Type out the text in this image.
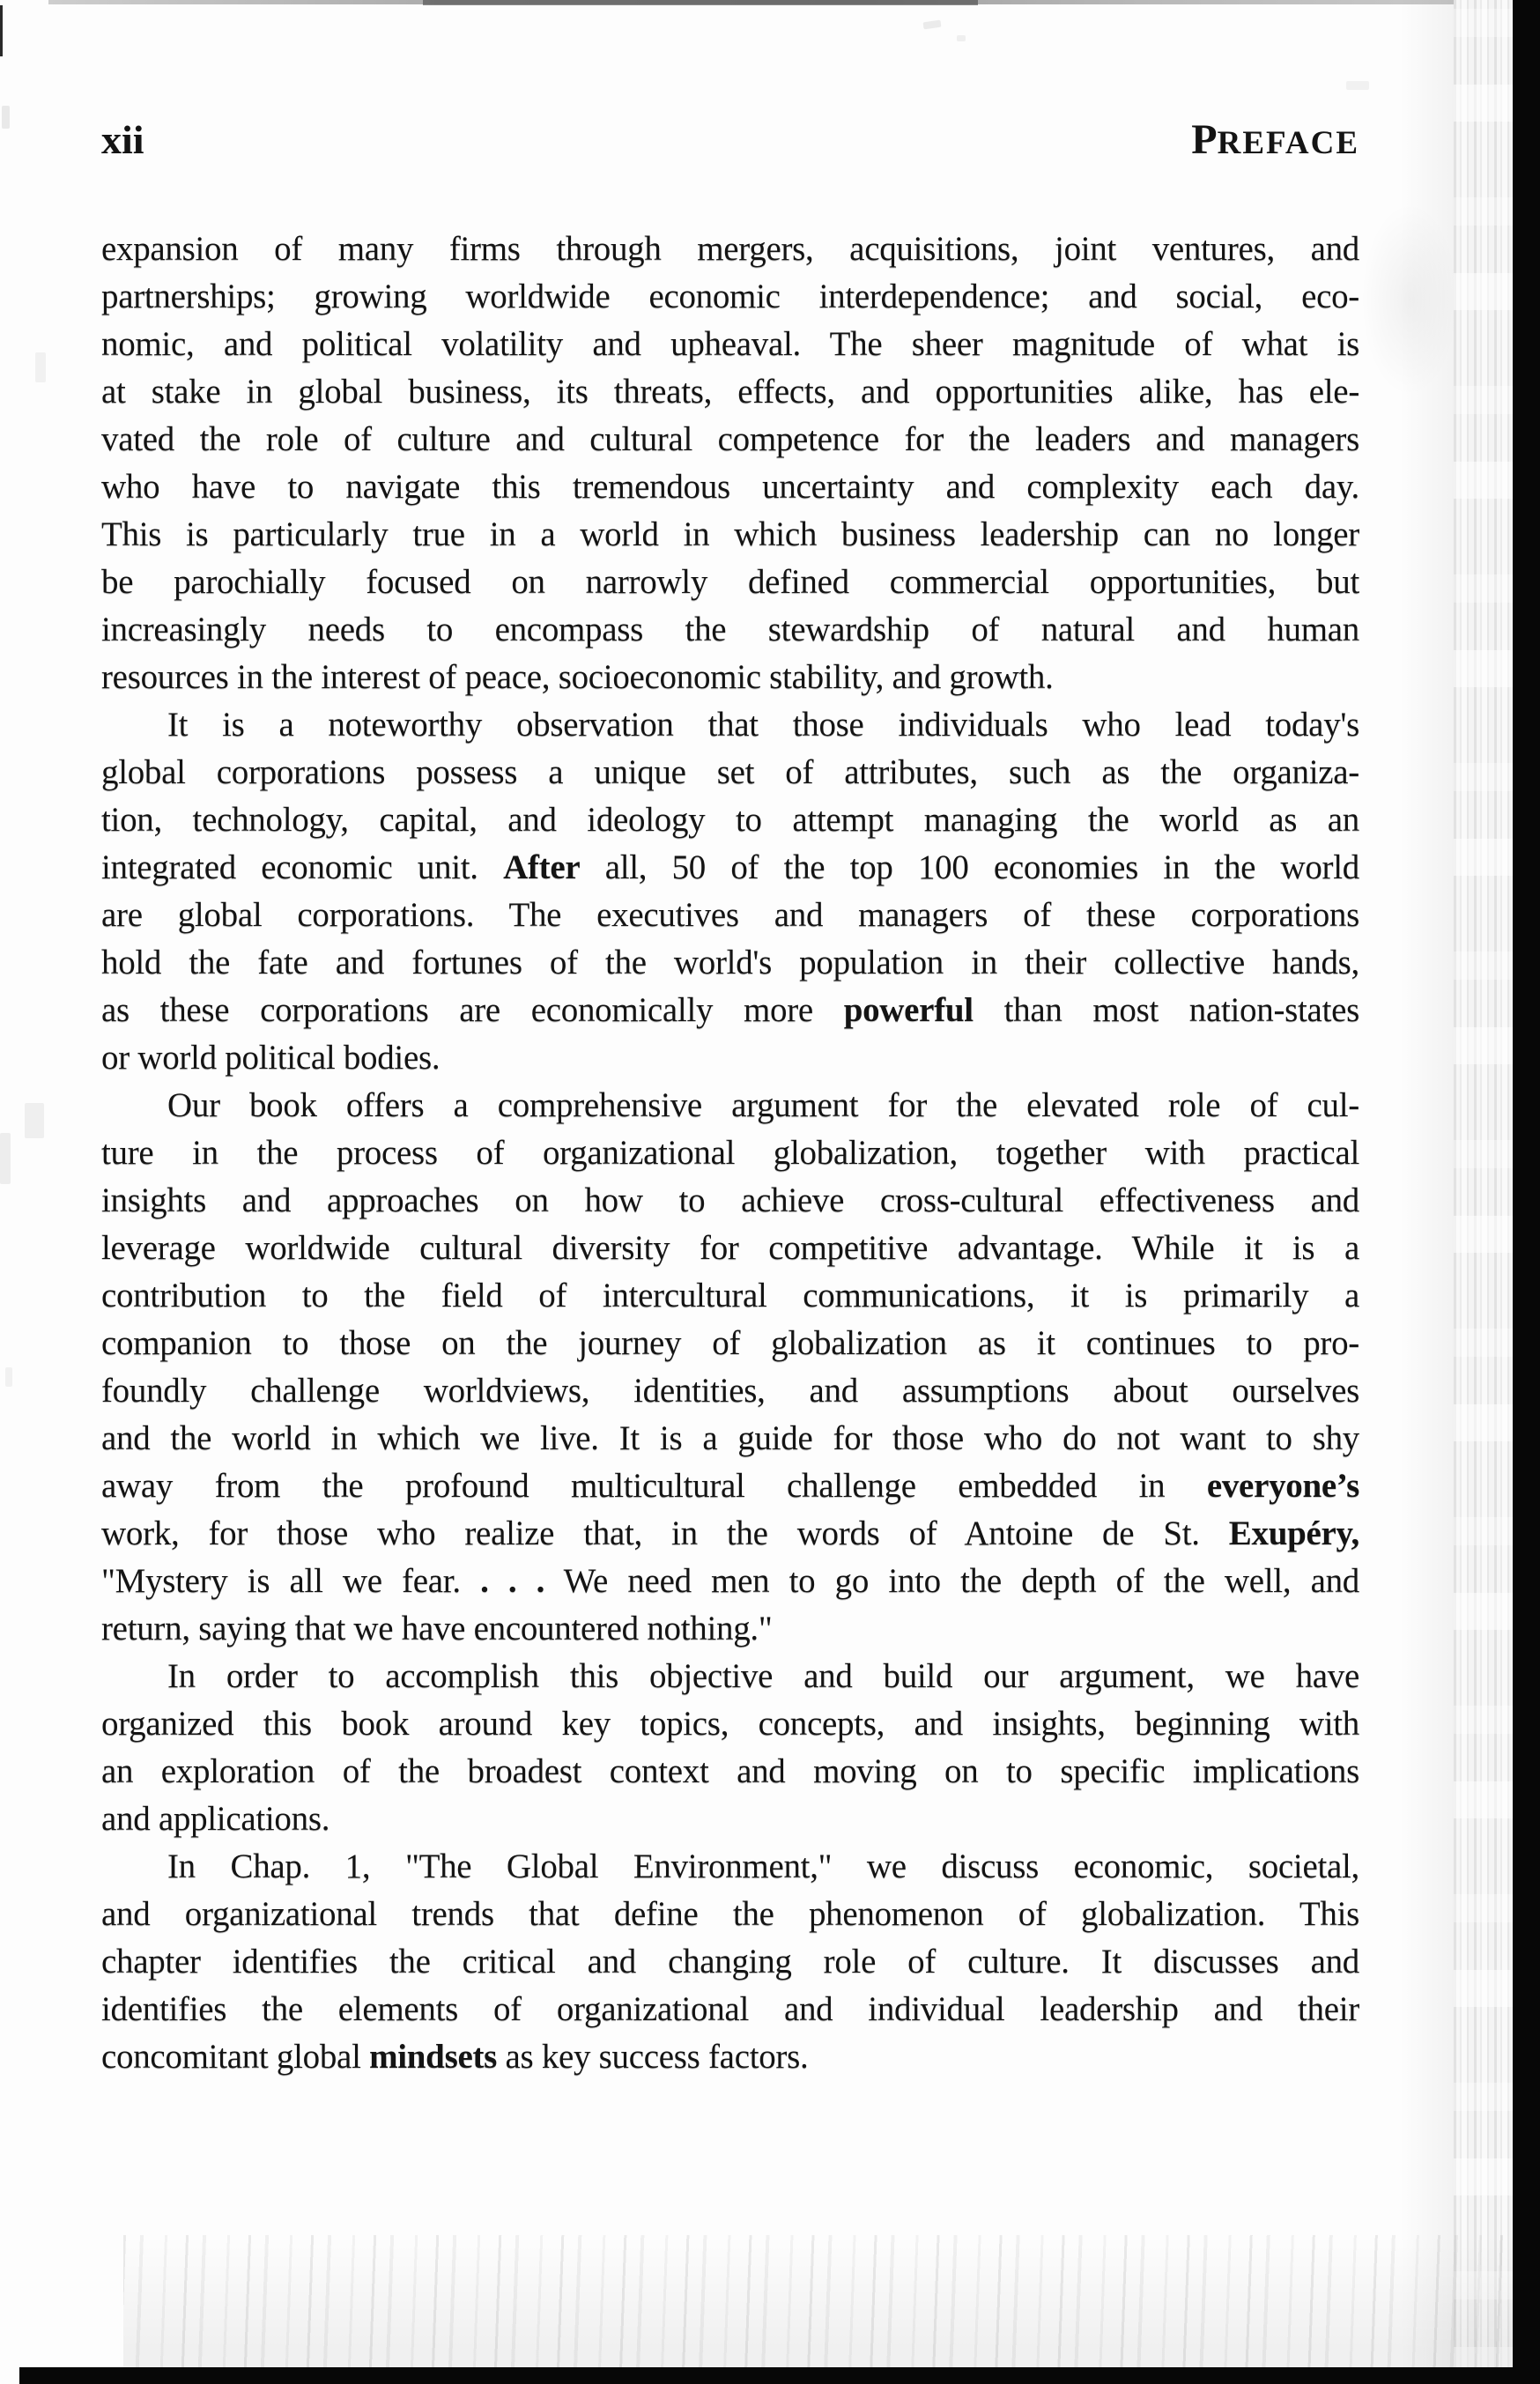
xii	PREFACE
expansion of many firms through mergers, acquisitions, joint ventures, and
partnerships; growing worldwide economic interdependence; and social, eco-
nomic, and political volatility and upheaval. The sheer magnitude of what is
at stake in global business, its threats, effects, and opportunities alike, has ele-
vated the role of culture and cultural competence for the leaders and managers
who have to navigate this tremendous uncertainty and complexity each day.
This is particularly true in a world in which business leadership can no longer
be parochially focused on narrowly defined commercial opportunities, but
increasingly needs to encompass the stewardship of natural and human
resources in the interest of peace, socioeconomic stability, and growth.
It is a noteworthy observation that those individuals who lead today's
global corporations possess a unique set of attributes, such as the organiza-
tion, technology, capital, and ideology to attempt managing the world as an
integrated economic unit. After all, 50 of the top 100 economies in the world
are global corporations. The executives and managers of these corporations
hold the fate and fortunes of the world's population in their collective hands,
as these corporations are economically more powerful than most nation-states
or world political bodies.
Our book offers a comprehensive argument for the elevated role of cul-
ture in the process of organizational globalization, together with practical
insights and approaches on how to achieve cross-cultural effectiveness and
leverage worldwide cultural diversity for competitive advantage. While it is a
contribution to the field of intercultural communications, it is primarily a
companion to those on the journey of globalization as it continues to pro-
foundly challenge worldviews, identities, and assumptions about ourselves
and the world in which we live. It is a guide for those who do not want to shy
away from the profound multicultural challenge embedded in everyone’s
work, for those who realize that, in the words of Antoine de St. Exupéry,
"Mystery is all we fear. . . . We need men to go into the depth of the well, and
return, saying that we have encountered nothing."
In order to accomplish this objective and build our argument, we have
organized this book around key topics, concepts, and insights, beginning with
an exploration of the broadest context and moving on to specific implications
and applications.
In Chap. 1, "The Global Environment," we discuss economic, societal,
and organizational trends that define the phenomenon of globalization. This
chapter identifies the critical and changing role of culture. It discusses and
identifies the elements of organizational and individual leadership and their
concomitant global mindsets as key success factors.
